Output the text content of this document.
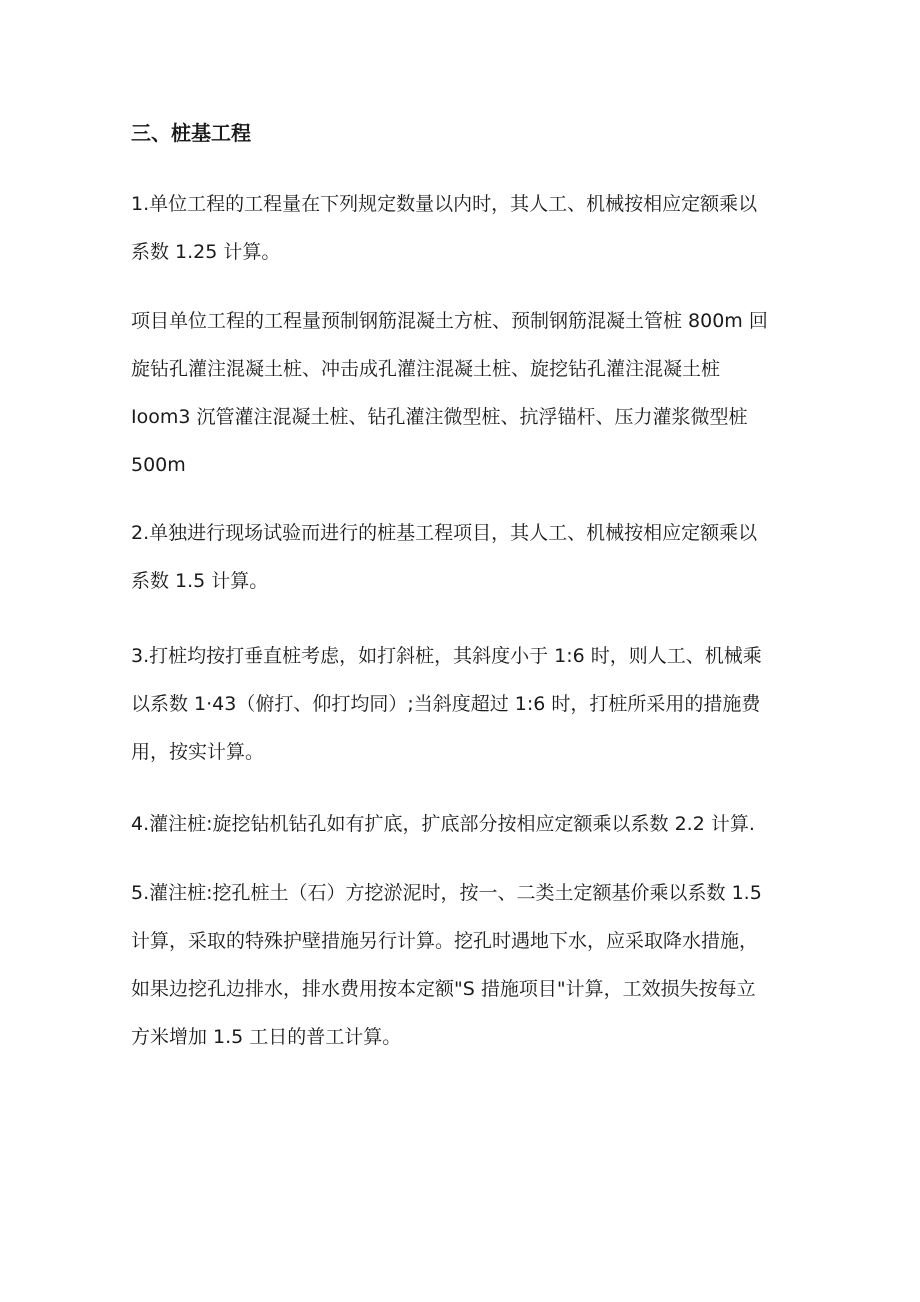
三、桩基工程
1.单位工程的工程量在下列规定数量以内时，其人工、机械按相应定额乘以
系数 1.25 计算。
项目单位工程的工程量预制钢筋混凝土方桩、预制钢筋混凝土管桩 800m 回
旋钻孔灌注混凝土桩、冲击成孔灌注混凝土桩、旋挖钻孔灌注混凝土桩
Ioom3 沉管灌注混凝土桩、钻孔灌注微型桩、抗浮锚杆、压力灌浆微型桩
500m
2.单独进行现场试验而进行的桩基工程项目，其人工、机械按相应定额乘以
系数 1.5 计算。
3.打桩均按打垂直桩考虑，如打斜桩，其斜度小于 1:6 时，则人工、机械乘
以系数 1·43（俯打、仰打均同）;当斜度超过 1:6 时，打桩所采用的措施费
用，按实计算。
4.灌注桩:旋挖钻机钻孔如有扩底，扩底部分按相应定额乘以系数 2.2 计算.
5.灌注桩:挖孔桩土（石）方挖淤泥时，按一、二类土定额基价乘以系数 1.5
计算，采取的特殊护壁措施另行计算。挖孔时遇地下水，应采取降水措施，
如果边挖孔边排水，排水费用按本定额"S 措施项目"计算，工效损失按每立
方米增加 1.5 工日的普工计算。
